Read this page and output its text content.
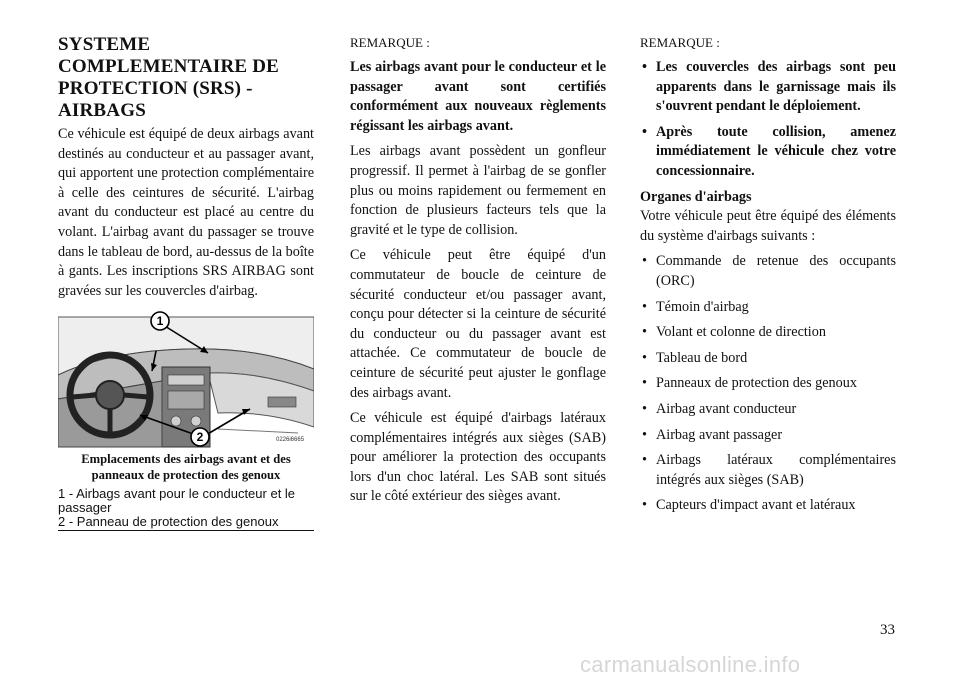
SYSTEME COMPLEMENTAIRE DE PROTECTION (SRS) - AIRBAGS

Ce véhicule est équipé de deux airbags avant destinés au conducteur et au passager avant, qui apportent une protection complémentaire à celle des ceintures de sécurité. L'airbag avant du conducteur est placé au centre du volant. L'airbag avant du passager se trouve dans le tableau de bord, au-dessus de la boîte à gants. Les inscriptions SRS AIRBAG sont gravées sur les couvercles d'airbag.

1
2	0226i6665
Emplacements des airbags avant et des panneaux de protection des genoux
1 - Airbags avant pour le conducteur et le passager
2 - Panneau de protection des genoux

REMARQUE :

Les airbags avant pour le conducteur et le passager avant sont certifiés conformément aux nouveaux règlements régissant les airbags avant.

Les airbags avant possèdent un gonfleur progressif. Il permet à l'airbag de se gonfler plus ou moins rapidement ou fermement en fonction de plusieurs facteurs tels que la gravité et le type de collision.

Ce véhicule peut être équipé d'un commutateur de boucle de ceinture de sécurité conducteur et/ou passager avant, conçu pour détecter si la ceinture de sécurité du conducteur ou du passager avant est attachée. Ce commutateur de boucle de ceinture de sécurité peut ajuster le gonflage des airbags avant.

Ce véhicule est équipé d'airbags latéraux complémentaires intégrés aux sièges (SAB) pour améliorer la protection des occupants lors d'un choc latéral. Les SAB sont situés sur le côté extérieur des sièges avant.

REMARQUE :

• Les couvercles des airbags sont peu apparents dans le garnissage mais ils s'ouvrent pendant le déploiement.
• Après toute collision, amenez immédiatement le véhicule chez votre concessionnaire.

Organes d'airbags

Votre véhicule peut être équipé des éléments du système d'airbags suivants :

• Commande de retenue des occupants (ORC)
• Témoin d'airbag
• Volant et colonne de direction
• Tableau de bord
• Panneaux de protection des genoux
• Airbag avant conducteur
• Airbag avant passager
• Airbags latéraux complémentaires intégrés aux sièges (SAB)
• Capteurs d'impact avant et latéraux
33
carmanualsonline.info
